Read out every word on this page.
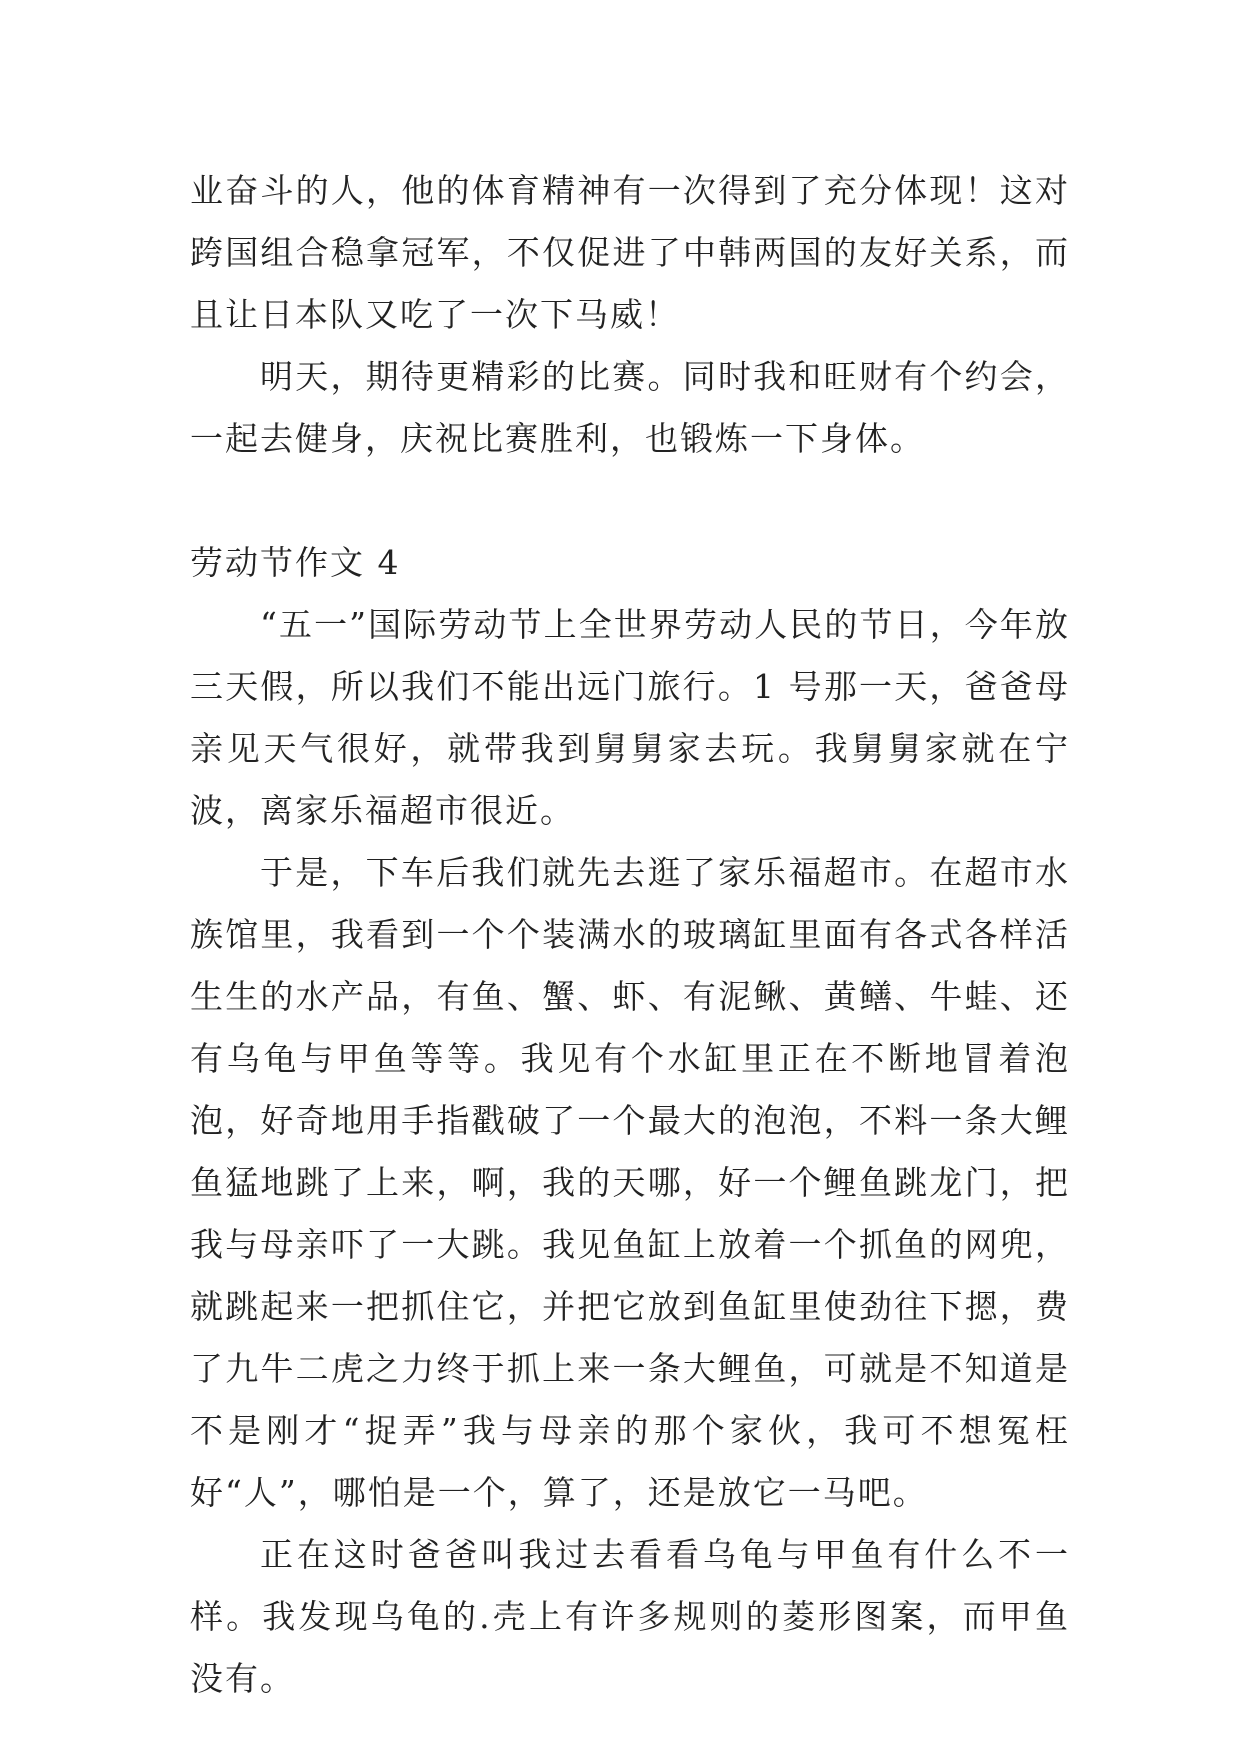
业奋斗的人，他的体育精神有一次得到了充分体现！这对跨国组合稳拿冠军，不仅促进了中韩两国的友好关系，而且让日本队又吃了一次下马威！

明天，期待更精彩的比赛。同时我和旺财有个约会，一起去健身，庆祝比赛胜利，也锻炼一下身体。

劳动节作文 4

“五一”国际劳动节上全世界劳动人民的节日，今年放三天假，所以我们不能出远门旅行。1 号那一天，爸爸母亲见天气很好，就带我到舅舅家去玩。我舅舅家就在宁波，离家乐福超市很近。

于是，下车后我们就先去逛了家乐福超市。在超市水族馆里，我看到一个个装满水的玻璃缸里面有各式各样活生生的水产品，有鱼、蟹、虾、有泥鳅、黄鳝、牛蛙、还有乌龟与甲鱼等等。我见有个水缸里正在不断地冒着泡泡，好奇地用手指戳破了一个最大的泡泡，不料一条大鲤鱼猛地跳了上来，啊，我的天哪，好一个鲤鱼跳龙门，把我与母亲吓了一大跳。我见鱼缸上放着一个抓鱼的网兜，就跳起来一把抓住它，并把它放到鱼缸里使劲往下摁，费了九牛二虎之力终于抓上来一条大鲤鱼，可就是不知道是不是刚才“捉弄”我与母亲的那个家伙，我可不想冤枉好“人”，哪怕是一个，算了，还是放它一马吧。

正在这时爸爸叫我过去看看乌龟与甲鱼有什么不一样。我发现乌龟的.壳上有许多规则的菱形图案，而甲鱼没有。
